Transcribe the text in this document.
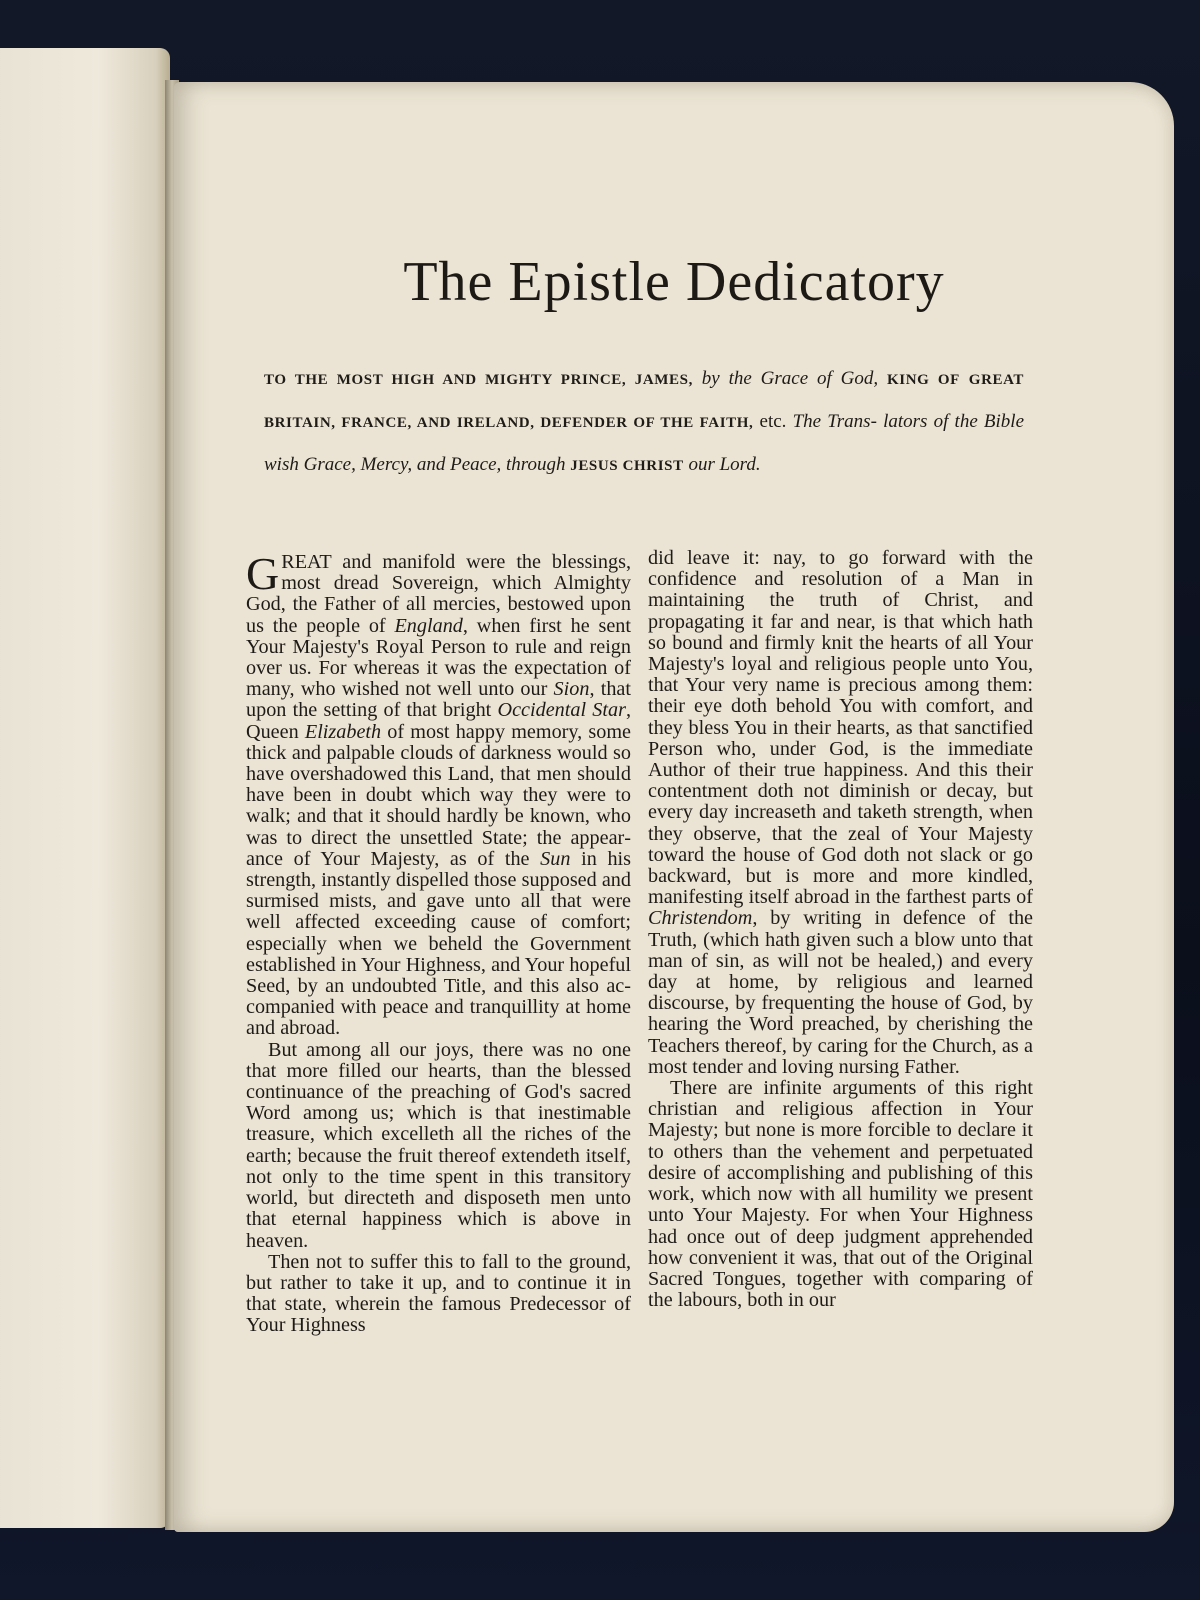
The Epistle Dedicatory
TO THE MOST HIGH AND MIGHTY PRINCE, JAMES, by the Grace of God, KING OF GREAT BRITAIN, FRANCE, AND IRELAND, DEFENDER OF THE FAITH, etc. The Trans- lators of the Bible wish Grace, Mercy, and Peace, through JESUS CHRIST our Lord.

GREAT and manifold were the blessings, most dread Sovereign, which Almighty God, the Father of all mercies, bestowed upon us the people of England, when first he sent Your Majesty's Royal Person to rule and reign over us. For whereas it was the expectation of many, who wished not well unto our Sion, that upon the setting of that bright Occidental Star, Queen Elizabeth of most happy memory, some thick and palpable clouds of darkness would so have overshadowed this Land, that men should have been in doubt which way they were to walk; and that it should hardly be known, who was to direct the unsettled State; the appearance of Your Majesty, as of the Sun in his strength, instantly dispelled those supposed and surmised mists, and gave unto all that were well affected exceeding cause of comfort; especially when we beheld the Government established in Your Highness, and Your hopeful Seed, by an undoubted Title, and this also accompanied with peace and tranquillity at home and abroad.

But among all our joys, there was no one that more filled our hearts, than the blessed continuance of the preaching of God's sacred Word among us; which is that inestimable treasure, which excelleth all the riches of the earth; because the fruit thereof extendeth itself, not only to the time spent in this transitory world, but directeth and disposeth men unto that eternal happiness which is above in heaven.

Then not to suffer this to fall to the ground, but rather to take it up, and to continue it in that state, wherein the famous Predecessor of Your Highness

did leave it: nay, to go forward with the confidence and resolution of a Man in maintaining the truth of Christ, and propagating it far and near, is that which hath so bound and firmly knit the hearts of all Your Majesty's loyal and religious people unto You, that Your very name is precious among them: their eye doth behold You with comfort, and they bless You in their hearts, as that sanctified Person who, under God, is the immediate Author of their true happiness. And this their contentment doth not diminish or decay, but every day increaseth and taketh strength, when they observe, that the zeal of Your Majesty toward the house of God doth not slack or go backward, but is more and more kindled, manifesting itself abroad in the farthest parts of Christendom, by writing in defence of the Truth, (which hath given such a blow unto that man of sin, as will not be healed,) and every day at home, by religious and learned discourse, by frequenting the house of God, by hearing the Word preached, by cherishing the Teachers thereof, by caring for the Church, as a most tender and loving nursing Father.

There are infinite arguments of this right christian and religious affection in Your Majesty; but none is more forcible to declare it to others than the vehement and perpetuated desire of accomplishing and publishing of this work, which now with all humility we present unto Your Majesty. For when Your Highness had once out of deep judgment apprehended how convenient it was, that out of the Original Sacred Tongues, together with comparing of the labours, both in our
